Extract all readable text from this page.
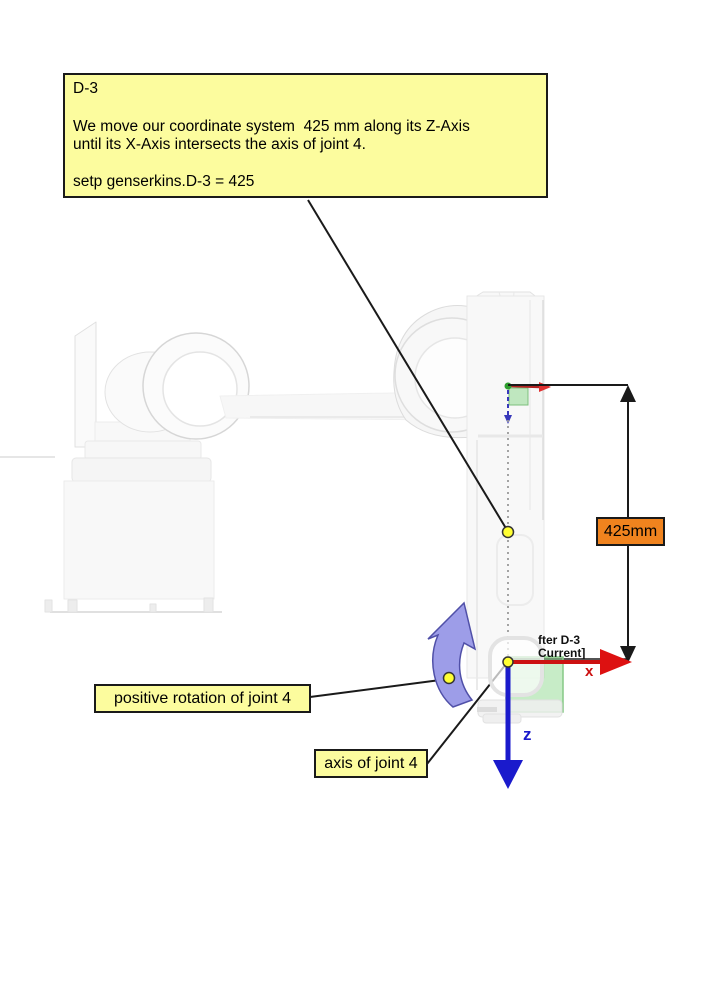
D-3

We move our coordinate system  425 mm along its Z-Axis

until its X-Axis intersects the axis of joint 4.

setp genserkins.D-3 = 425

425mm
positive rotation of joint 4
axis of joint 4
fter D-3
Current]
x
z
